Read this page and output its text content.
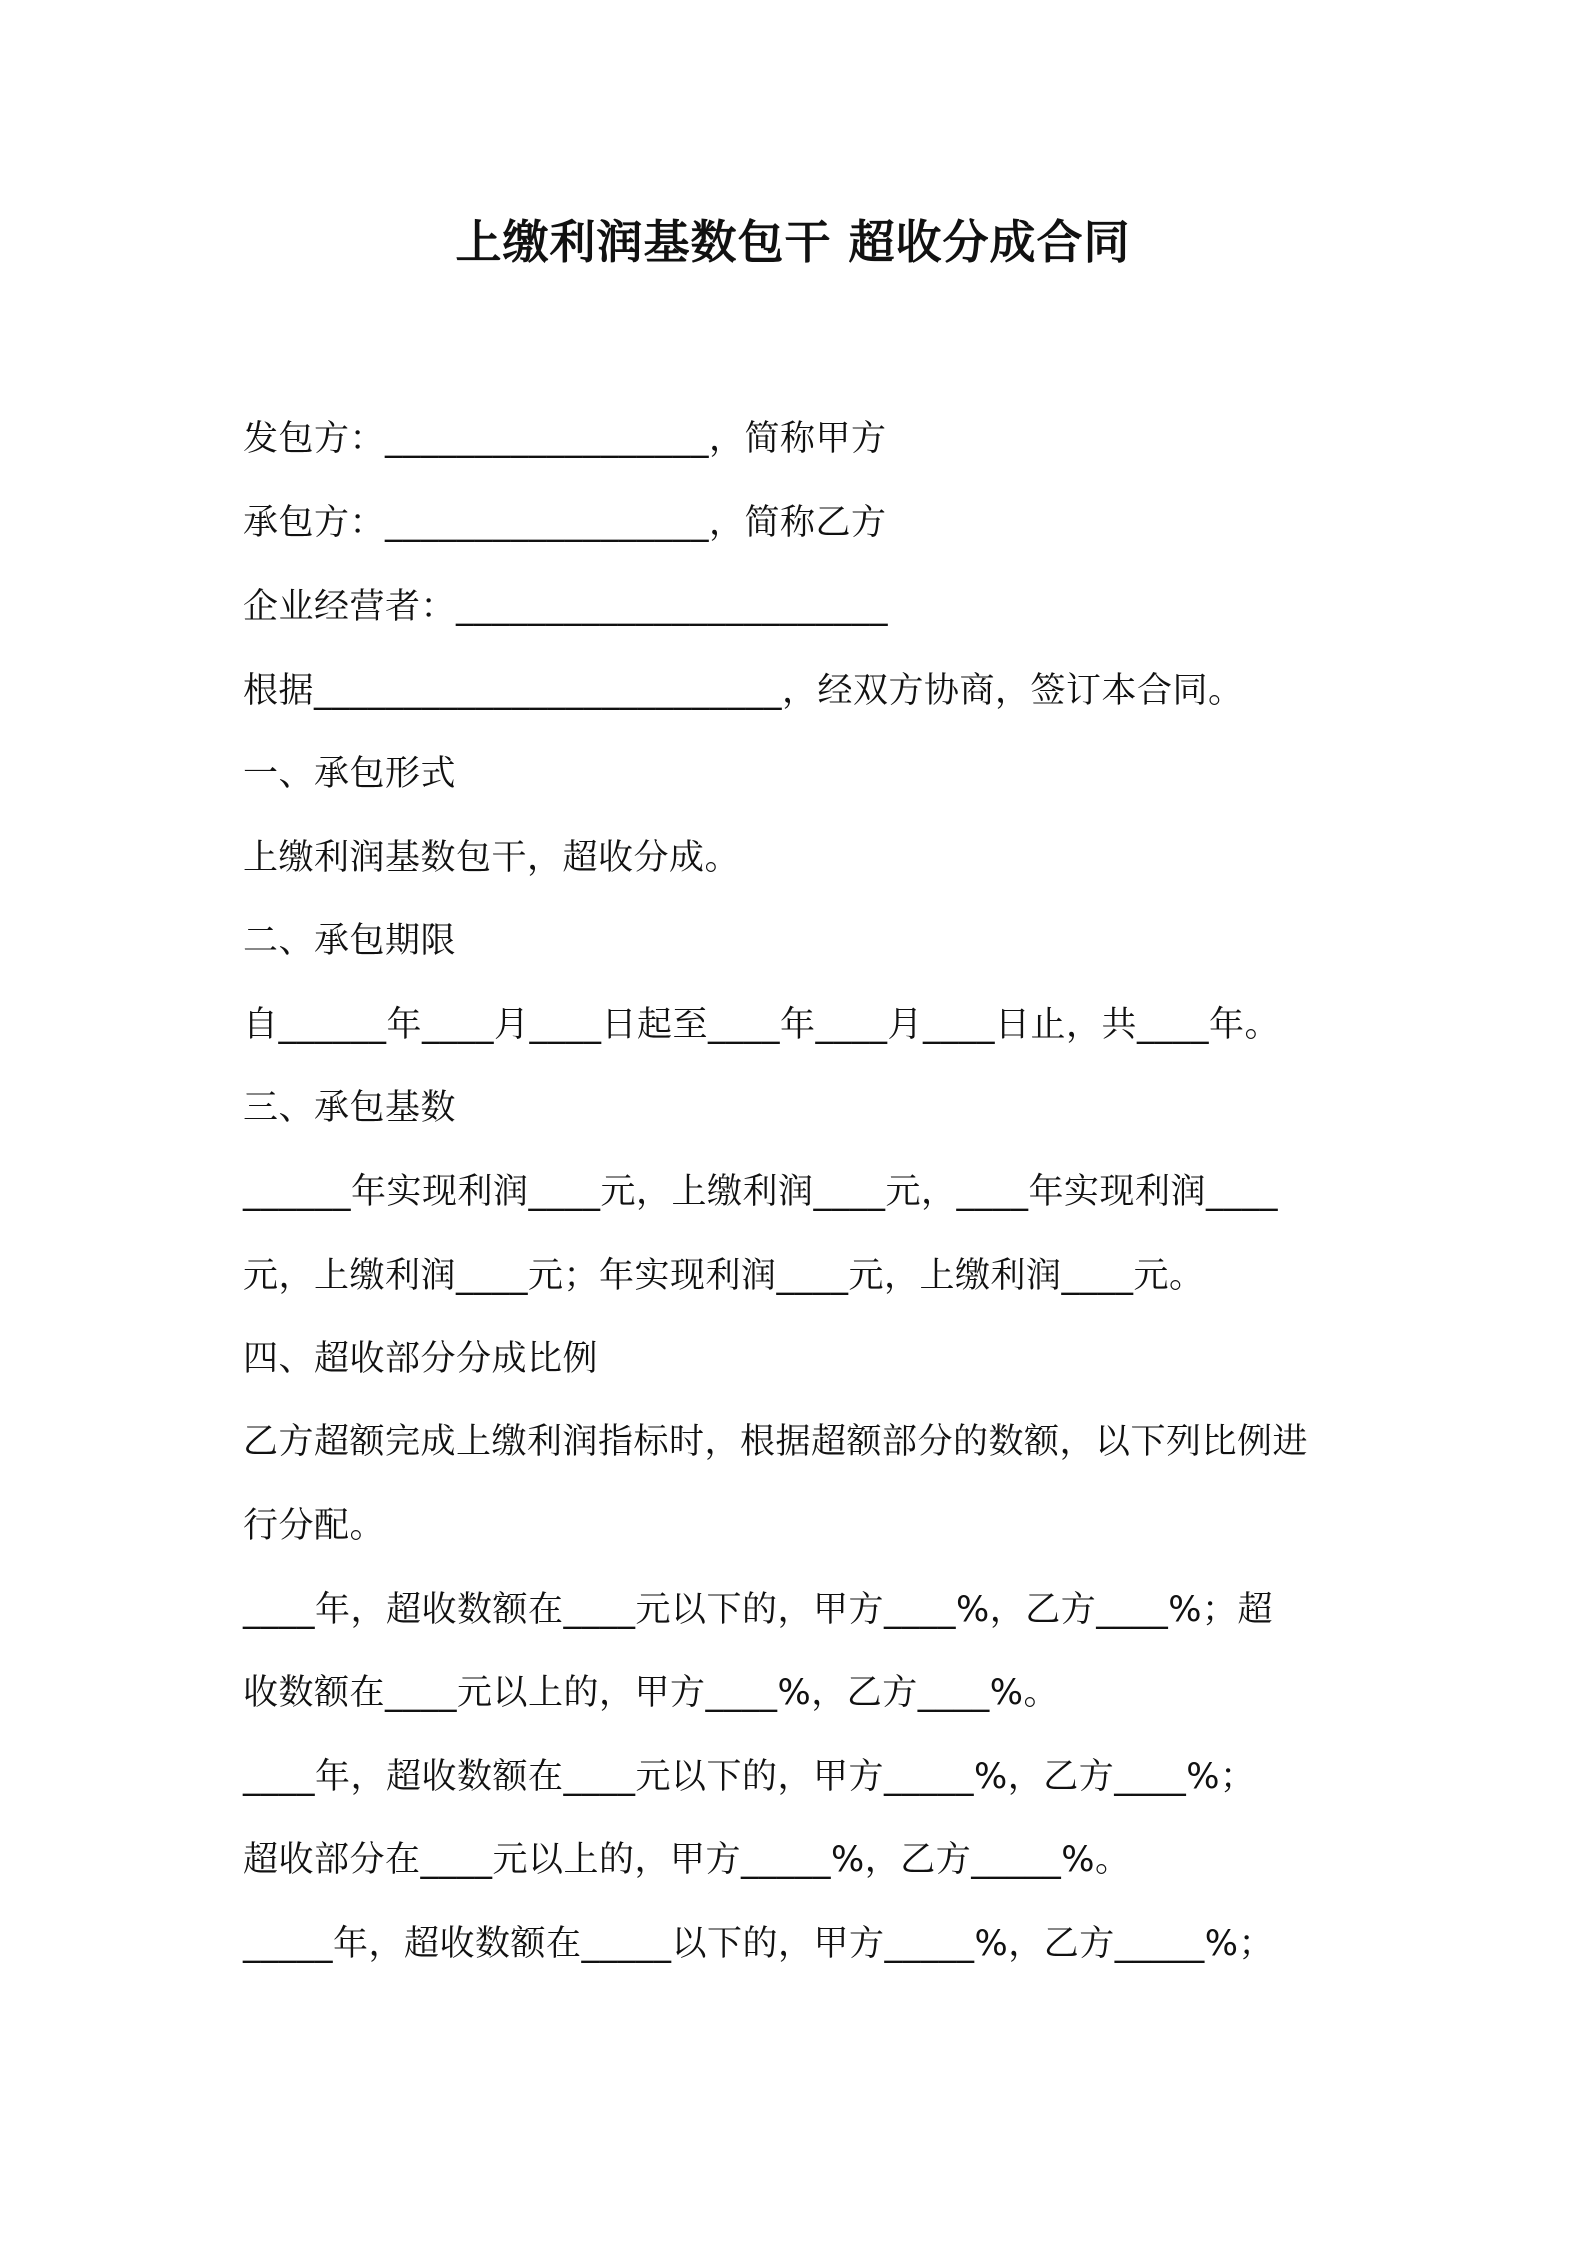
上缴利润基数包干 超收分成合同
发包方：__________________，简称甲方
承包方：__________________，简称乙方
企业经营者：________________________
根据__________________________，经双方协商，签订本合同。
一、承包形式
上缴利润基数包干，超收分成。
二、承包期限
自______年____月____日起至____年____月____日止，共____年。
三、承包基数
______年实现利润____元，上缴利润____元，____年实现利润____
元，上缴利润____元；年实现利润____元，上缴利润____元。
四、超收部分分成比例
乙方超额完成上缴利润指标时，根据超额部分的数额，以下列比例进
行分配。
____年，超收数额在____元以下的，甲方____%，乙方____%；超
收数额在____元以上的，甲方____%，乙方____%。
____年，超收数额在____元以下的，甲方_____%，乙方____%；
超收部分在____元以上的，甲方_____%，乙方_____%。
_____年，超收数额在_____以下的，甲方_____%，乙方_____%；
